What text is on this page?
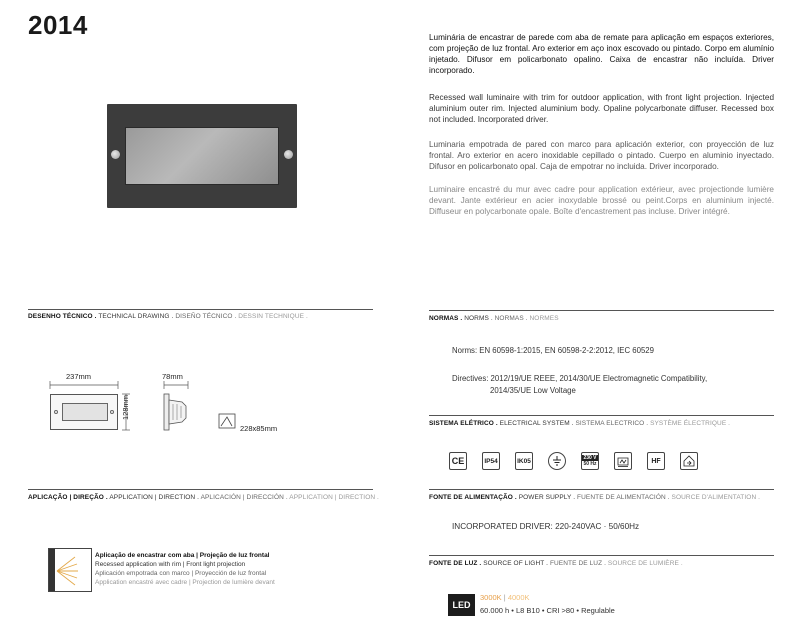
2014	Luminária de encastrar de parede com aba de remate para aplicação em espaços exteriores, com projeção de luz frontal. Aro exterior em aço inox escovado ou pintado. Corpo em alumínio injetado. Difusor em policarbonato opalino. Caixa de encastrar não incluída. Driver incorporado.
Recessed wall luminaire with trim for outdoor application, with front light projection. Injected aluminium outer rim. Injected aluminium body. Opaline polycarbonate diffuser. Recessed box not included. Incorporated driver.
Luminaria empotrada de pared con marco para aplicación exterior, con proyección de luz frontal. Aro exterior en acero inoxidable cepillado o pintado. Cuerpo en aluminio inyectado. Difusor en policarbonato opal. Caja de empotrar no incluida. Driver incorporado.
Luminaire encastré du mur avec cadre pour application extérieur, avec projectionde lumière devant. Jante extérieur en acier inoxydable brossé ou peint.Corps en aluminium injecté. Diffuseur en polycarbonate opale. Boîte d'encastrement pas incluse. Driver intégré.
DESENHO TÉCNICO . TECHNICAL DRAWING . DISEÑO TÉCNICO . DESSIN TECHNIQUE .
237mm
128mm
78mm
228x85mm
APLICAÇÃO | DIREÇÃO . APPLICATION | DIRECTION . APLICACIÓN | DIRECCIÓN . APPLICATION | DIRECTION .
Aplicação de encastrar com aba | Projeção de luz frontal
Recessed application with rim | Front light projection
Aplicación empotrada con marco | Proyección de luz frontal
Application encastré avec cadre | Projection de lumière devant
NORMAS . NORMS . NORMAS . NORMES
Norms: EN 60598-1:2015, EN 60598-2-2:2012, IEC 60529
Directives: 2012/19/UE REEE, 2014/30/UE Electromagnetic Compatibility,
2014/35/UE Low Voltage
SISTEMA ELÉTRICO . ELECTRICAL SYSTEM . SISTEMA ELECTRICO . SYSTÈME ÉLECTRIQUE .
CE	IP54	IK05	230 V
50 Hz	HF
FONTE DE ALIMENTAÇÃO . POWER SUPPLY . FUENTE DE ALIMENTACIÓN . SOURCE D'ALIMENTATION .
INCORPORATED DRIVER: 220-240VAC · 50/60Hz
FONTE DE LUZ . SOURCE OF LIGHT . FUENTE DE LUZ . SOURCE DE LUMIÈRE .
LED
3000K | 4000K
60.000 h • L8 B10 • CRI >80 • Regulable
